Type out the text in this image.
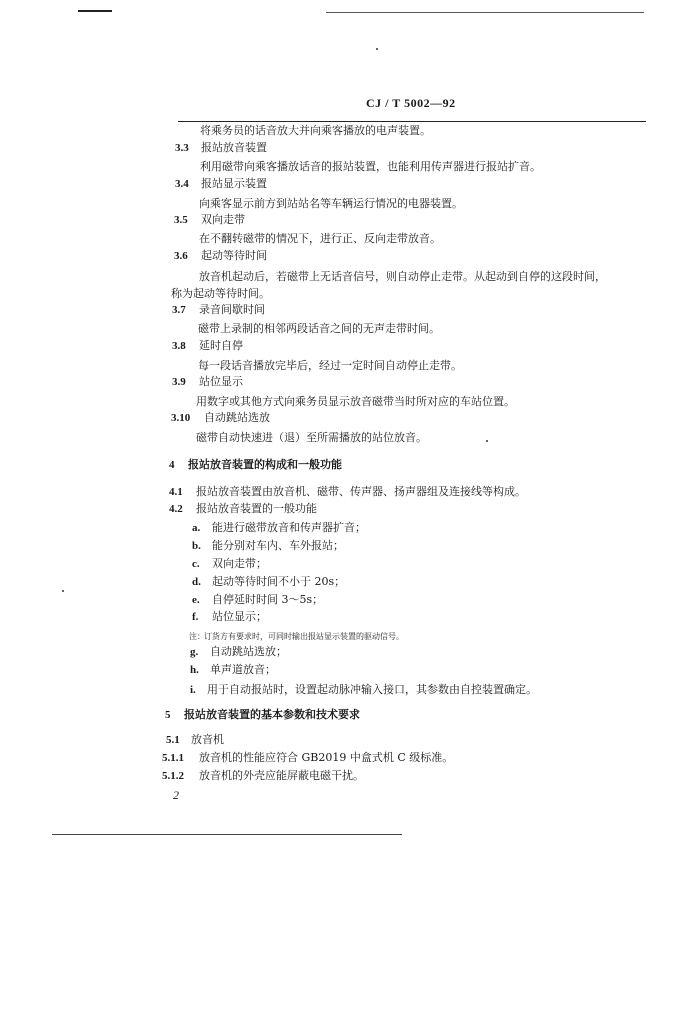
CJ / T 5002—92
将乘务员的话音放大并向乘客播放的电声装置。
3.3 报站放音装置
利用磁带向乘客播放话音的报站装置，也能利用传声器进行报站扩音。
3.4 报站显示装置
向乘客显示前方到站站名等车辆运行情况的电器装置。
3.5 双向走带
在不翻转磁带的情况下，进行正、反向走带放音。
3.6 起动等待时间
放音机起动后，若磁带上无话音信号，则自动停止走带。从起动到自停的这段时间，
称为起动等待时间。
3.7 录音间歇时间
磁带上录制的相邻两段话音之间的无声走带时间。
3.8 延时自停
每一段话音播放完毕后，经过一定时间自动停止走带。
3.9 站位显示
用数字或其他方式向乘务员显示放音磁带当时所对应的车站位置。
3.10 自动跳站选放
磁带自动快速进（退）至所需播放的站位放音。
4 报站放音装置的构成和一般功能
4.1 报站放音装置由放音机、磁带、传声器、扬声器组及连接线等构成。
4.2 报站放音装置的一般功能
a. 能进行磁带放音和传声器扩音；
b. 能分别对车内、车外报站；
c. 双向走带；
d. 起动等待时间不小于 20s；
e. 自停延时时间 3～5s；
f. 站位显示；
注： 订货方有要求时，可同时输出报站显示装置的驱动信号。
g. 自动跳站选放；
h. 单声道放音；
i. 用于自动报站时，设置起动脉冲输入接口，其参数由自控装置确定。
5 报站放音装置的基本参数和技术要求
5.1 放音机
5.1.1 放音机的性能应符合 GB2019 中盒式机 C 级标准。
5.1.2 放音机的外壳应能屏蔽电磁干扰。
2
